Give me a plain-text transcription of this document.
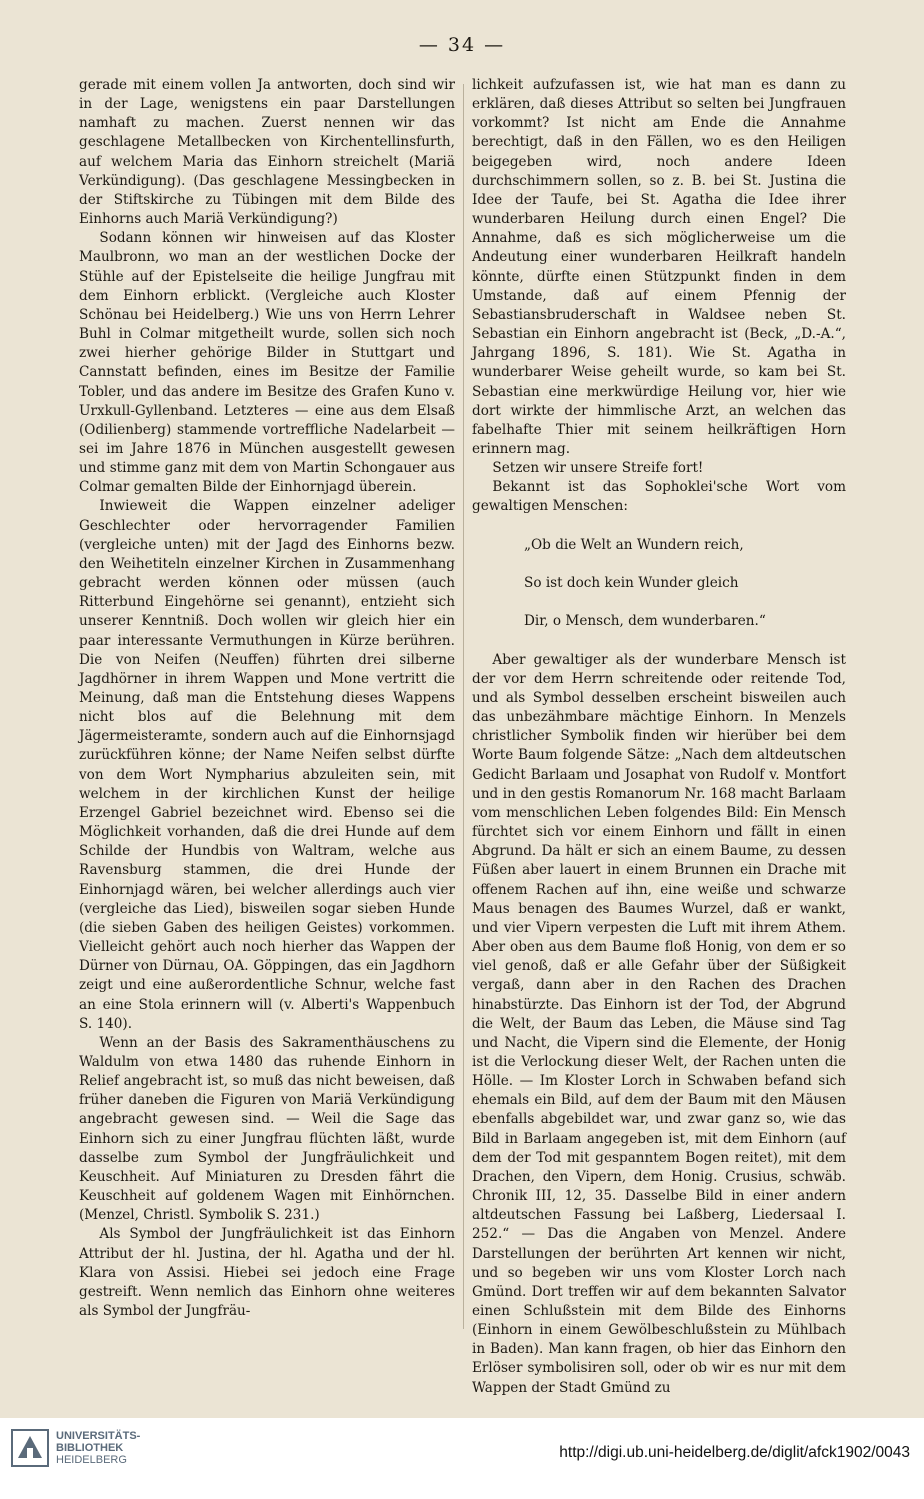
— 34 —

gerade mit einem vollen Ja antworten, doch sind wir in der Lage, wenigstens ein paar Darstellungen namhaft zu machen. Zuerst nennen wir das geschlagene Metallbecken von Kirchentellinsfurth, auf welchem Maria das Einhorn streichelt (Mariä Verkündigung). (Das geschlagene Messingbecken in der Stiftskirche zu Tübingen mit dem Bilde des Einhorns auch Mariä Verkündigung?)

Sodann können wir hinweisen auf das Kloster Maulbronn, wo man an der westlichen Docke der Stühle auf der Epistelseite die heilige Jungfrau mit dem Einhorn erblickt. (Vergleiche auch Kloster Schönau bei Heidelberg.) Wie uns von Herrn Lehrer Buhl in Colmar mitgetheilt wurde, sollen sich noch zwei hierher gehörige Bilder in Stuttgart und Cannstatt befinden, eines im Besitze der Familie Tobler, und das andere im Besitze des Grafen Kuno v. Urxkull-Gyllenband. Letzteres — eine aus dem Elsaß (Odilienberg) stammende vortreffliche Nadelarbeit — sei im Jahre 1876 in München ausgestellt gewesen und stimme ganz mit dem von Martin Schongauer aus Colmar gemalten Bilde der Einhornjagd überein.

Inwieweit die Wappen einzelner adeliger Geschlechter oder hervorragender Familien (vergleiche unten) mit der Jagd des Einhorns bezw. den Weihetiteln einzelner Kirchen in Zusammenhang gebracht werden können oder müssen (auch Ritterbund Eingehörne sei genannt), entzieht sich unserer Kenntniß. Doch wollen wir gleich hier ein paar interessante Vermuthungen in Kürze berühren. Die von Neifen (Neuffen) führten drei silberne Jagdhörner in ihrem Wappen und Mone vertritt die Meinung, daß man die Entstehung dieses Wappens nicht blos auf die Belehnung mit dem Jägermeisteramte, sondern auch auf die Einhornsjagd zurückführen könne; der Name Neifen selbst dürfte von dem Wort Nympharius abzuleiten sein, mit welchem in der kirchlichen Kunst der heilige Erzengel Gabriel bezeichnet wird. Ebenso sei die Möglichkeit vorhanden, daß die drei Hunde auf dem Schilde der Hundbis von Waltram, welche aus Ravensburg stammen, die drei Hunde der Einhornjagd wären, bei welcher allerdings auch vier (vergleiche das Lied), bisweilen sogar sieben Hunde (die sieben Gaben des heiligen Geistes) vorkommen. Vielleicht gehört auch noch hierher das Wappen der Dürner von Dürnau, OA. Göppingen, das ein Jagdhorn zeigt und eine außerordentliche Schnur, welche fast an eine Stola erinnern will (v. Alberti's Wappenbuch S. 140).

Wenn an der Basis des Sakramenthäuschens zu Waldulm von etwa 1480 das ruhende Einhorn in Relief angebracht ist, so muß das nicht beweisen, daß früher daneben die Figuren von Mariä Verkündigung angebracht gewesen sind. — Weil die Sage das Einhorn sich zu einer Jungfrau flüchten läßt, wurde dasselbe zum Symbol der Jungfräulichkeit und Keuschheit. Auf Miniaturen zu Dresden fährt die Keuschheit auf goldenem Wagen mit Einhörnchen. (Menzel, Christl. Symbolik S. 231.)

Als Symbol der Jungfräulichkeit ist das Einhorn Attribut der hl. Justina, der hl. Agatha und der hl. Klara von Assisi. Hiebei sei jedoch eine Frage gestreift. Wenn nemlich das Einhorn ohne weiteres als Symbol der Jungfräu-

lichkeit aufzufassen ist, wie hat man es dann zu erklären, daß dieses Attribut so selten bei Jungfrauen vorkommt? Ist nicht am Ende die Annahme berechtigt, daß in den Fällen, wo es den Heiligen beigegeben wird, noch andere Ideen durchschimmern sollen, so z. B. bei St. Justina die Idee der Taufe, bei St. Agatha die Idee ihrer wunderbaren Heilung durch einen Engel? Die Annahme, daß es sich möglicherweise um die Andeutung einer wunderbaren Heilkraft handeln könnte, dürfte einen Stützpunkt finden in dem Umstande, daß auf einem Pfennig der Sebastiansbruderschaft in Waldsee neben St. Sebastian ein Einhorn angebracht ist (Beck, „D.-A.“, Jahrgang 1896, S. 181). Wie St. Agatha in wunderbarer Weise geheilt wurde, so kam bei St. Sebastian eine merkwürdige Heilung vor, hier wie dort wirkte der himmlische Arzt, an welchen das fabelhafte Thier mit seinem heilkräftigen Horn erinnern mag.

Setzen wir unsere Streife fort!

Bekannt ist das Sophoklei'sche Wort vom gewaltigen Menschen:

„Ob die Welt an Wundern reich,

So ist doch kein Wunder gleich

Dir, o Mensch, dem wunderbaren.“

Aber gewaltiger als der wunderbare Mensch ist der vor dem Herrn schreitende oder reitende Tod, und als Symbol desselben erscheint bisweilen auch das unbezähmbare mächtige Einhorn. In Menzels christlicher Symbolik finden wir hierüber bei dem Worte Baum folgende Sätze: „Nach dem altdeutschen Gedicht Barlaam und Josaphat von Rudolf v. Montfort und in den gestis Romanorum Nr. 168 macht Barlaam vom menschlichen Leben folgendes Bild: Ein Mensch fürchtet sich vor einem Einhorn und fällt in einen Abgrund. Da hält er sich an einem Baume, zu dessen Füßen aber lauert in einem Brunnen ein Drache mit offenem Rachen auf ihn, eine weiße und schwarze Maus benagen des Baumes Wurzel, daß er wankt, und vier Vipern verpesten die Luft mit ihrem Athem. Aber oben aus dem Baume floß Honig, von dem er so viel genoß, daß er alle Gefahr über der Süßigkeit vergaß, dann aber in den Rachen des Drachen hinabstürzte. Das Einhorn ist der Tod, der Abgrund die Welt, der Baum das Leben, die Mäuse sind Tag und Nacht, die Vipern sind die Elemente, der Honig ist die Verlockung dieser Welt, der Rachen unten die Hölle. — Im Kloster Lorch in Schwaben befand sich ehemals ein Bild, auf dem der Baum mit den Mäusen ebenfalls abgebildet war, und zwar ganz so, wie das Bild in Barlaam angegeben ist, mit dem Einhorn (auf dem der Tod mit gespanntem Bogen reitet), mit dem Drachen, den Vipern, dem Honig. Crusius, schwäb. Chronik III, 12, 35. Dasselbe Bild in einer andern altdeutschen Fassung bei Laßberg, Liedersaal I. 252.“ — Das die Angaben von Menzel. Andere Darstellungen der berührten Art kennen wir nicht, und so begeben wir uns vom Kloster Lorch nach Gmünd. Dort treffen wir auf dem bekannten Salvator einen Schlußstein mit dem Bilde des Einhorns (Einhorn in einem Gewölbeschlußstein zu Mühlbach in Baden). Man kann fragen, ob hier das Einhorn den Erlöser symbolisiren soll, oder ob wir es nur mit dem Wappen der Stadt Gmünd zu

UNIVERSITÄTS-
BIBLIOTHEK
HEIDELBERG	http://digi.ub.uni-heidelberg.de/diglit/afck1902/0043
